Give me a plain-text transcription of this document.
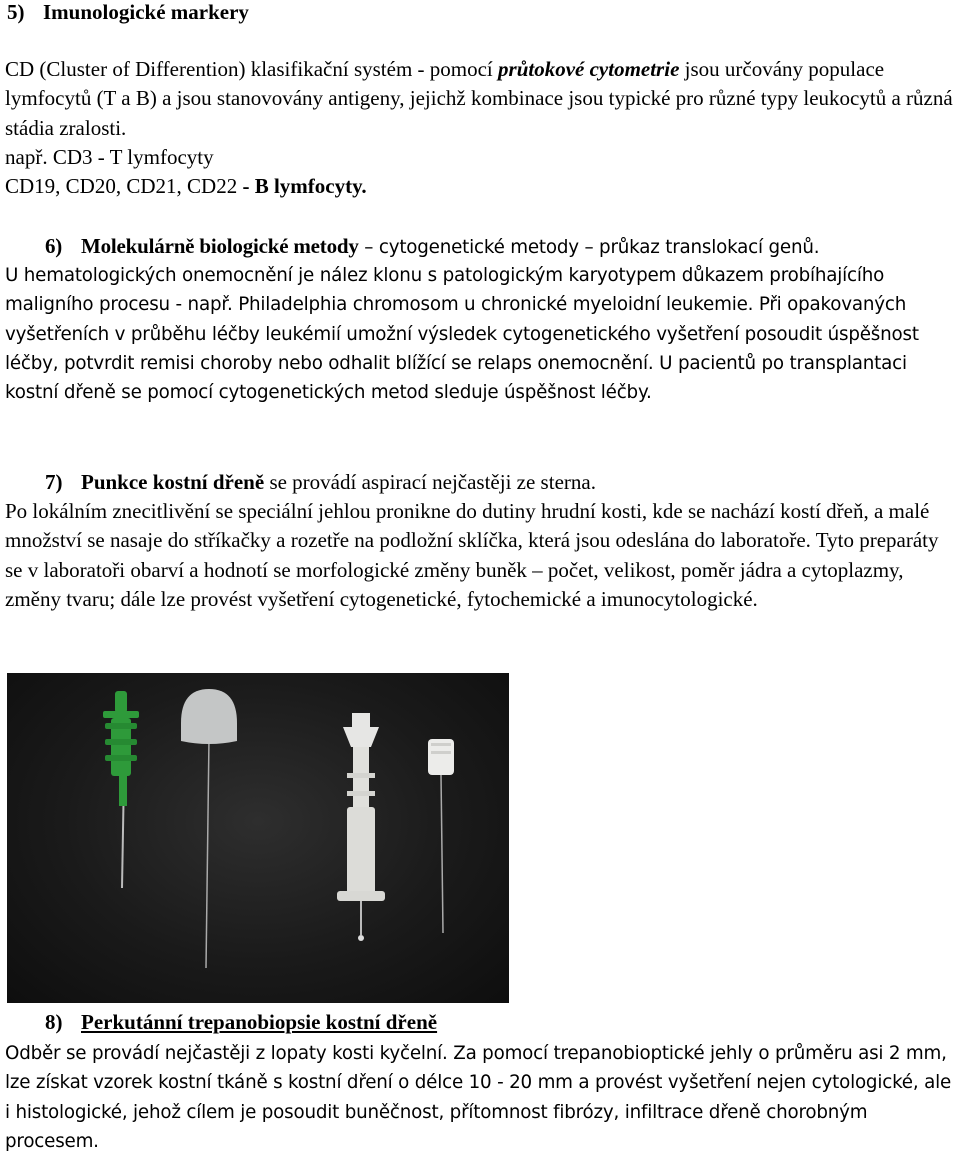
5) Imunologické markery

CD (Cluster of Differention) klasifikační systém - pomocí průtokové cytometrie jsou určovány populace lymfocytů (T a B) a jsou stanovovány antigeny, jejichž kombinace jsou typické pro různé typy leukocytů a různá stádia zralosti.

např. CD3 - T lymfocyty

CD19, CD20, CD21, CD22 - B lymfocyty.

6) Molekulárně biologické metody – cytogenetické metody – průkaz translokací genů.

U hematologických onemocnění je nález klonu s patologickým karyotypem důkazem probíhajícího maligního procesu - např. Philadelphia chromosom u chronické myeloidní leukemie. Při opakovaných vyšetřeních v průběhu léčby leukémií umožní výsledek cytogenetického vyšetření posoudit úspěšnost léčby, potvrdit remisi choroby nebo odhalit blížící se relaps onemocnění. U pacientů po transplantaci kostní dřeně se pomocí cytogenetických metod sleduje úspěšnost léčby.

7) Punkce kostní dřeně se provádí aspirací nejčastěji ze sterna.

Po lokálním znecitlivění se speciální jehlou pronikne do dutiny hrudní kosti, kde se nachází kostí dřeň, a malé množství se nasaje do stříkačky a rozetře na podložní sklíčka, která jsou odeslána do laboratoře. Tyto preparáty se v laboratoři obarví a hodnotí se morfologické změny buněk – počet, velikost, poměr jádra a cytoplazmy, změny tvaru; dále lze provést vyšetření cytogenetické, fytochemické a imunocytologické.

8) Perkutánní trepanobiopsie kostní dřeně

Odběr se provádí nejčastěji z lopaty kosti kyčelní. Za pomocí trepanobioptické jehly o průměru asi 2 mm, lze získat vzorek kostní tkáně s kostní dření o délce 10 - 20 mm a provést vyšetření nejen cytologické, ale i histologické, jehož cílem je posoudit buněčnost, přítomnost fibrózy, infiltrace dřeně chorobným procesem.
